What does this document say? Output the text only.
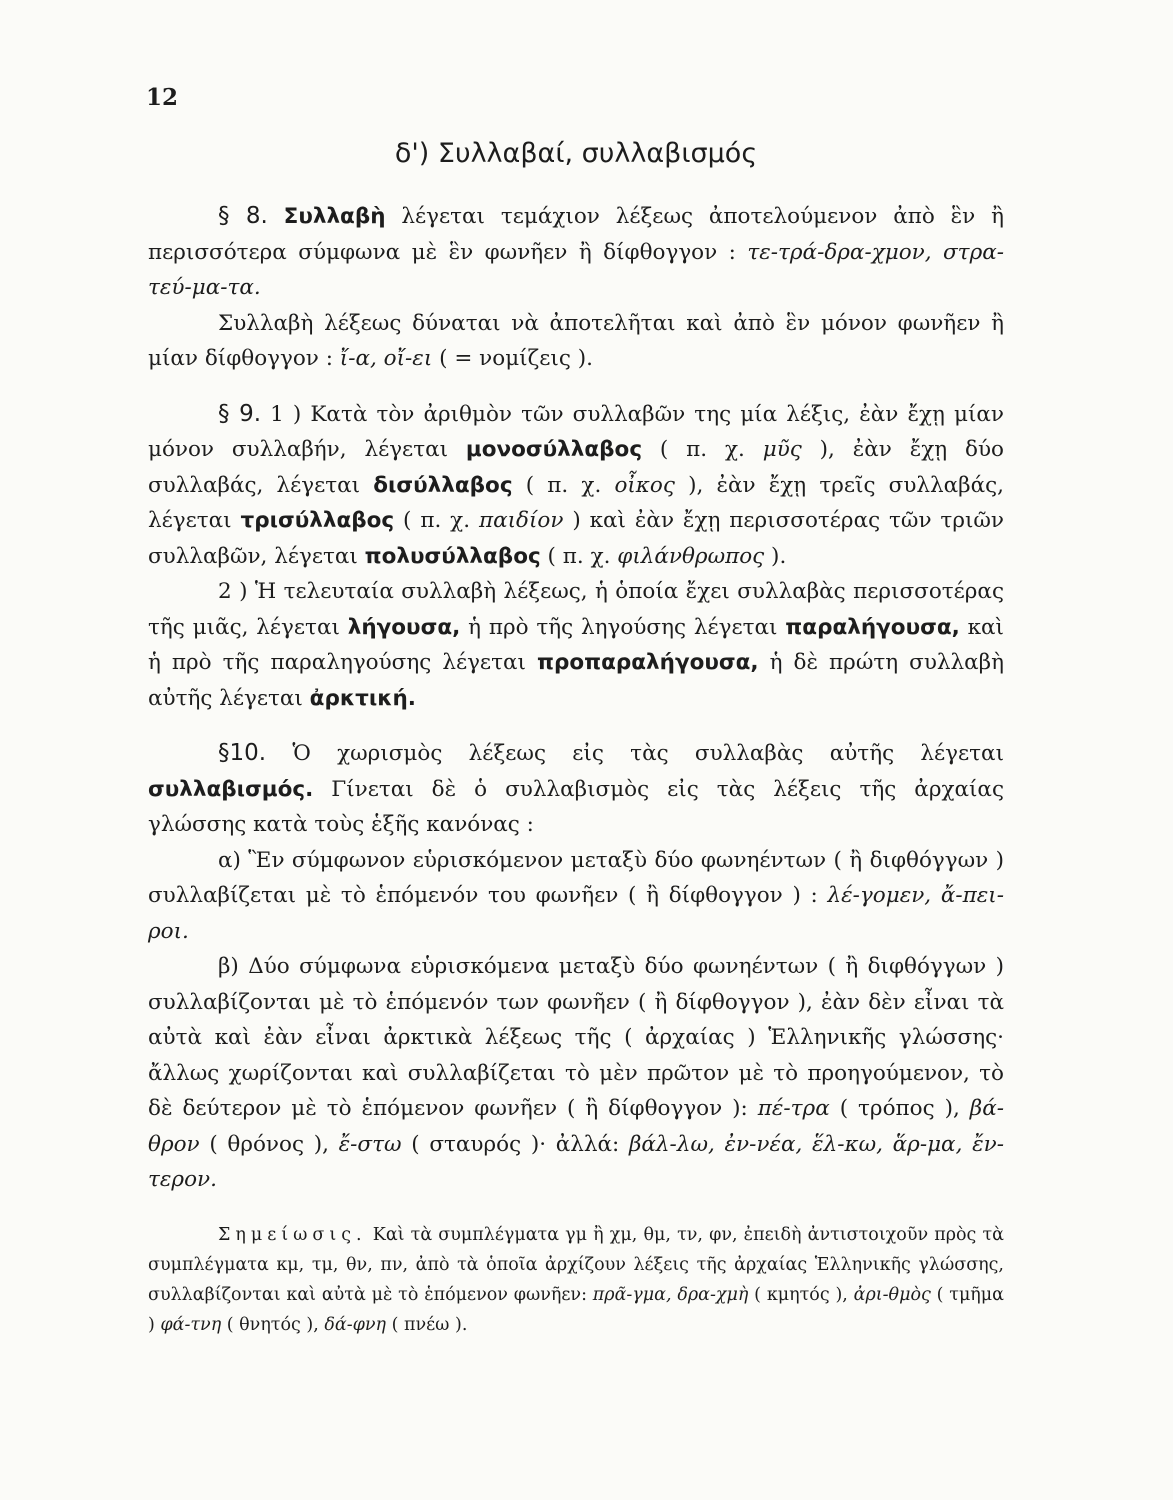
12
δ') Συλλαβαί, συλλαβισμός

§ 8. Συλλαβὴ λέγεται τεμάχιον λέξεως ἀποτελούμενον ἀπὸ ἓν ἢ περισσότερα σύμφωνα μὲ ἓν φωνῆεν ἢ δίφθογγον : τε-τρά-δρα-χμον, στρα-τεύ-μα-τα.

Συλλαβὴ λέξεως δύναται νὰ ἀποτελῆται καὶ ἀπὸ ἓν μόνον φωνῆεν ἢ μίαν δίφθογγον : ἴ-α, οἴ-ει ( = νομίζεις ).

§ 9. 1 ) Κατὰ τὸν ἀριθμὸν τῶν συλλαβῶν της μία λέξις, ἐὰν ἔχῃ μίαν μόνον συλλαβήν, λέγεται μονοσύλλαβος ( π. χ. μῦς ), ἐὰν ἔχῃ δύο συλλαβάς, λέγεται δισύλλαβος ( π. χ. οἶκος ), ἐὰν ἔχῃ τρεῖς συλλαβάς, λέγεται τρισύλλαβος ( π. χ. παιδίον ) καὶ ἐὰν ἔχῃ περισσοτέρας τῶν τριῶν συλλαβῶν, λέγεται πολυσύλλαβος ( π. χ. φιλάνθρωπος ).

2 ) Ἡ τελευταία συλλαβὴ λέξεως, ἡ ὁποία ἔχει συλλαβὰς περισσοτέρας τῆς μιᾶς, λέγεται λήγουσα, ἡ πρὸ τῆς ληγούσης λέγεται παραλήγουσα, καὶ ἡ πρὸ τῆς παραληγούσης λέγεται προπαραλήγουσα, ἡ δὲ πρώτη συλλαβὴ αὐτῆς λέγεται ἀρκτική.

§10. Ὁ χωρισμὸς λέξεως εἰς τὰς συλλαβὰς αὐτῆς λέγεται συλλαβισμός. Γίνεται δὲ ὁ συλλαβισμὸς εἰς τὰς λέξεις τῆς ἀρχαίας γλώσσης κατὰ τοὺς ἑξῆς κανόνας :

α) Ἓν σύμφωνον εὑρισκόμενον μεταξὺ δύο φωνηέντων ( ἢ διφθόγγων ) συλλαβίζεται μὲ τὸ ἑπόμενόν του φωνῆεν ( ἢ δίφθογγον ) : λέ-γομεν, ἄ-πει-ροι.

β) Δύο σύμφωνα εὑρισκόμενα μεταξὺ δύο φωνηέντων ( ἢ διφθόγγων ) συλλαβίζονται μὲ τὸ ἑπόμενόν των φωνῆεν ( ἢ δίφθογγον ), ἐὰν δὲν εἶναι τὰ αὐτὰ καὶ ἐὰν εἶναι ἀρκτικὰ λέξεως τῆς ( ἀρχαίας ) Ἑλληνικῆς γλώσσης· ἄλλως χωρίζονται καὶ συλλαβίζεται τὸ μὲν πρῶτον μὲ τὸ προηγούμενον, τὸ δὲ δεύτερον μὲ τὸ ἑπόμενον φωνῆεν ( ἢ δίφθογγον ): πέ-τρα ( τρόπος ), βά-θρον ( θρόνος ), ἔ-στω ( σταυρός )· ἀλλά: βάλ-λω, ἐν-νέα, ἕλ-κω, ἅρ-μα, ἔν-τερον.

Σημείωσις. Καὶ τὰ συμπλέγματα γμ ἢ χμ, θμ, τν, φν, ἐπειδὴ ἀντιστοιχοῦν πρὸς τὰ συμπλέγματα κμ, τμ, θν, πν, ἀπὸ τὰ ὁποῖα ἀρχίζουν λέξεις τῆς ἀρχαίας Ἑλληνικῆς γλώσσης, συλλαβίζονται καὶ αὐτὰ μὲ τὸ ἑπόμενον φωνῆεν: πρᾶ-γμα, δρα-χμὴ ( κμητός ), ἀρι-θμὸς ( τμῆμα ) φά-τνη ( θνητός ), δά-φνη ( πνέω ).
